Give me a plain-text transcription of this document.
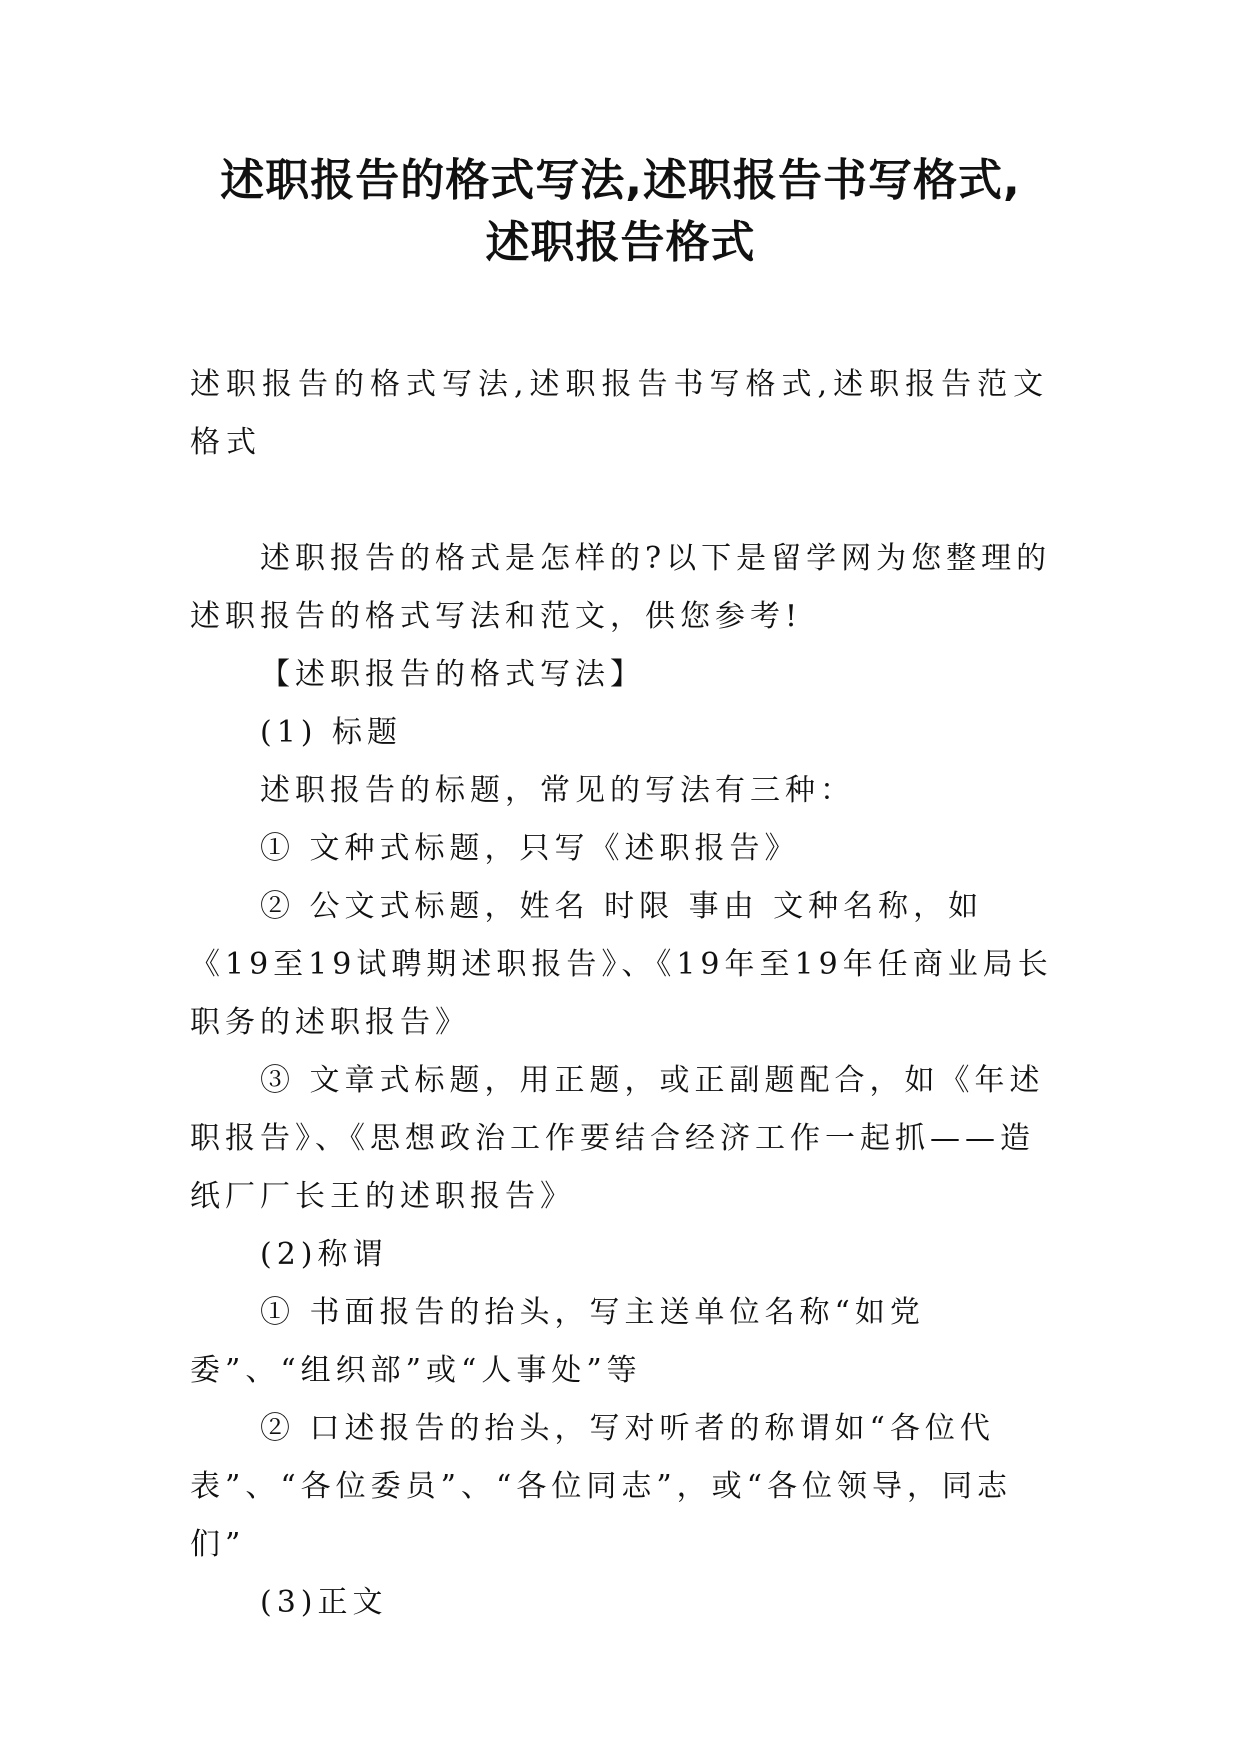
述职报告的格式写法,述职报告书写格式,
述职报告格式
述职报告的格式写法,述职报告书写格式,述职报告范文格式

述职报告的格式是怎样的?以下是留学网为您整理的述职报告的格式写法和范文，供您参考!

【述职报告的格式写法】

(1) 标题

述职报告的标题，常见的写法有三种：

① 文种式标题，只写《述职报告》

② 公文式标题，姓名 时限 事由 文种名称，如《19至19试聘期述职报告》、《19年至19年任商业局长职务的述职报告》

③ 文章式标题，用正题，或正副题配合，如《年述职报告》、《思想政治工作要结合经济工作一起抓——造纸厂厂长王的述职报告》

(2)称谓

① 书面报告的抬头，写主送单位名称“如党委”、“组织部”或“人事处”等

② 口述报告的抬头，写对听者的称谓如“各位代表”、“各位委员”、“各位同志”，或“各位领导，同志们”

(3)正文
